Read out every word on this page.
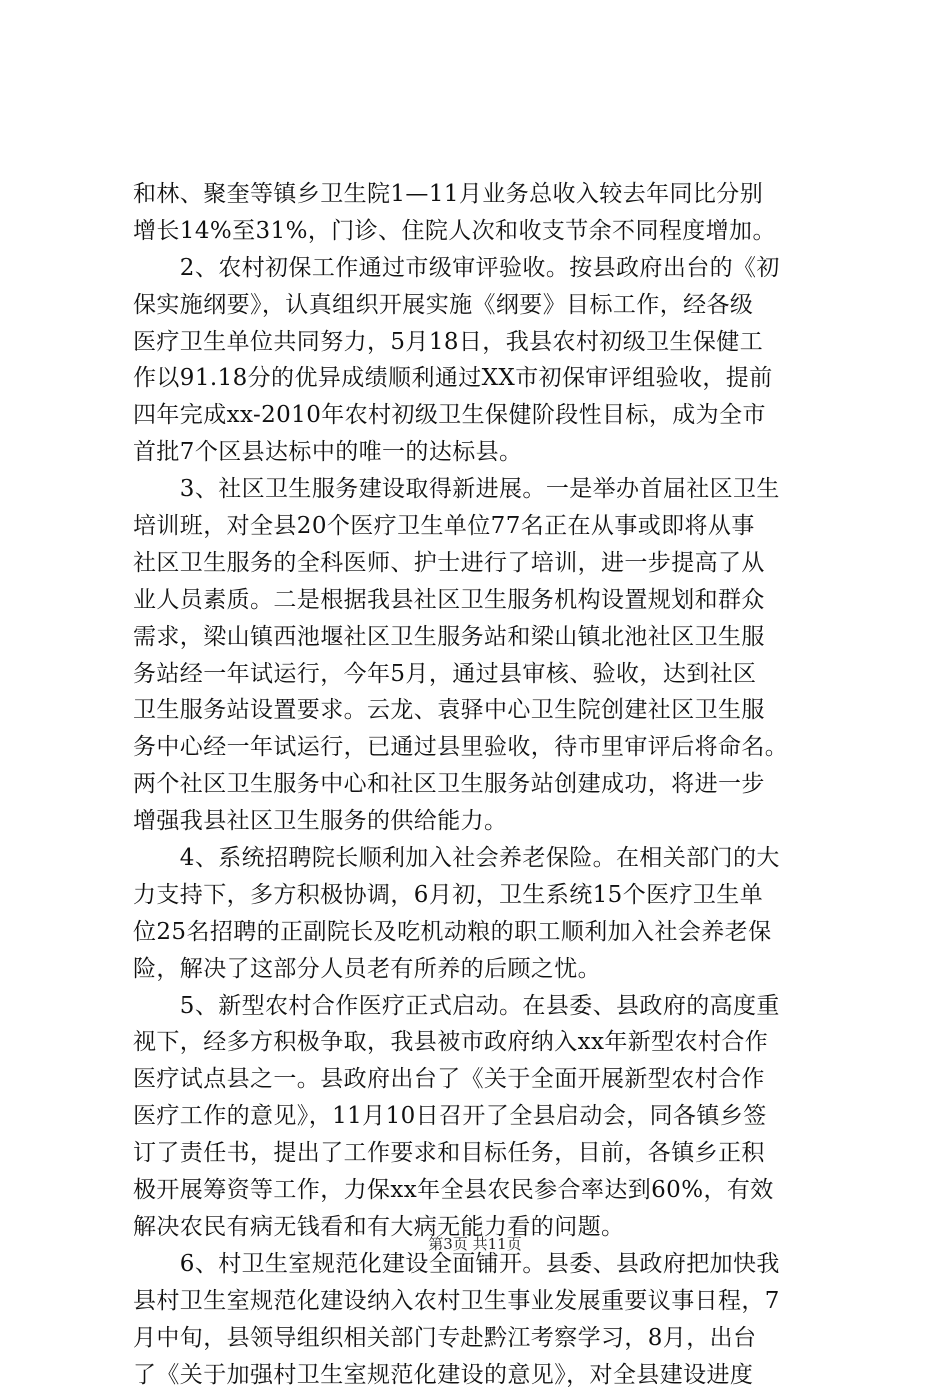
和林、聚奎等镇乡卫生院1—11月业务总收入较去年同比分别
增长14%至31%，门诊、住院人次和收支节余不同程度增加。
　　2、农村初保工作通过市级审评验收。按县政府出台的《初
保实施纲要》，认真组织开展实施《纲要》目标工作，经各级
医疗卫生单位共同努力，5月18日，我县农村初级卫生保健工
作以91.18分的优异成绩顺利通过XX市初保审评组验收，提前
四年完成xx-2010年农村初级卫生保健阶段性目标，成为全市
首批7个区县达标中的唯一的达标县。
　　3、社区卫生服务建设取得新进展。一是举办首届社区卫生
培训班，对全县20个医疗卫生单位77名正在从事或即将从事
社区卫生服务的全科医师、护士进行了培训，进一步提高了从
业人员素质。二是根据我县社区卫生服务机构设置规划和群众
需求，梁山镇西池堰社区卫生服务站和梁山镇北池社区卫生服
务站经一年试运行，今年5月，通过县审核、验收，达到社区
卫生服务站设置要求。云龙、袁驿中心卫生院创建社区卫生服
务中心经一年试运行，已通过县里验收，待市里审评后将命名。
两个社区卫生服务中心和社区卫生服务站创建成功，将进一步
增强我县社区卫生服务的供给能力。
　　4、系统招聘院长顺利加入社会养老保险。在相关部门的大
力支持下，多方积极协调，6月初，卫生系统15个医疗卫生单
位25名招聘的正副院长及吃机动粮的职工顺利加入社会养老保
险，解决了这部分人员老有所养的后顾之忧。
　　5、新型农村合作医疗正式启动。在县委、县政府的高度重
视下，经多方积极争取，我县被市政府纳入xx年新型农村合作
医疗试点县之一。县政府出台了《关于全面开展新型农村合作
医疗工作的意见》，11月10日召开了全县启动会，同各镇乡签
订了责任书，提出了工作要求和目标任务，目前，各镇乡正积
极开展筹资等工作，力保xx年全县农民参合率达到60%，有效
解决农民有病无钱看和有大病无能力看的问题。
　　6、村卫生室规范化建设全面铺开。县委、县政府把加快我
县村卫生室规范化建设纳入农村卫生事业发展重要议事日程，7
月中旬，县领导组织相关部门专赴黔江考察学习，8月，出台
了《关于加强村卫生室规范化建设的意见》，对全县建设进度
第3页 共11页
